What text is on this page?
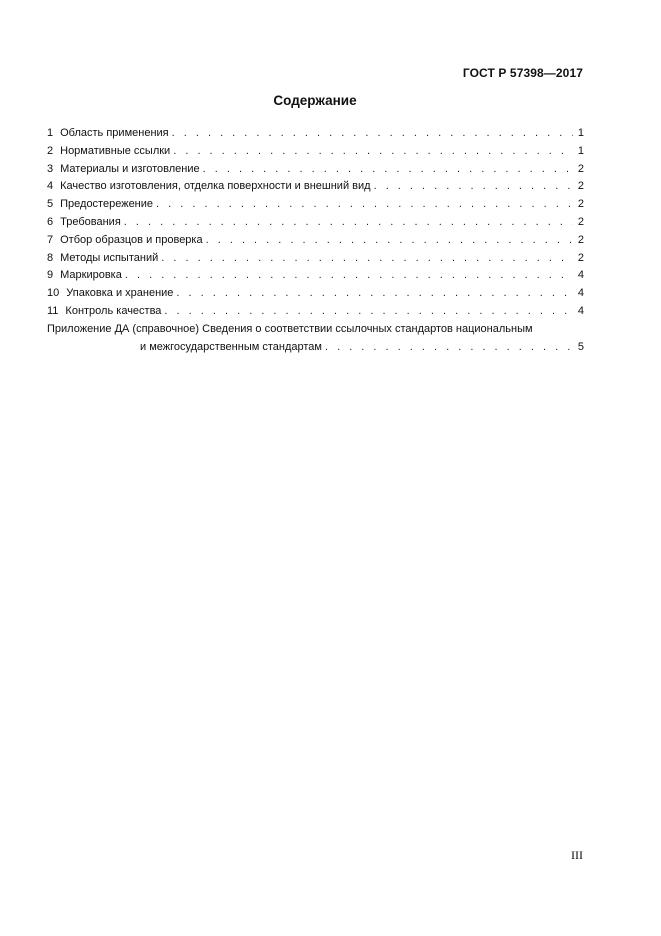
ГОСТ Р 57398—2017
Содержание
1 Область применения . . .	1
2 Нормативные ссылки . . .	1
3 Материалы и изготовление . . .	2
4 Качество изготовления, отделка поверхности и внешний вид . . .	2
5 Предостережение . . .	2
6 Требования . . .	2
7 Отбор образцов и проверка . . .	2
8 Методы испытаний . . .	2
9 Маркировка . . .	4
10 Упаковка и хранение . . .	4
11 Контроль качества . . .	4
Приложение ДА (справочное) Сведения о соответствии ссылочных стандартов национальным
и межгосударственным стандартам . . .	5
III
